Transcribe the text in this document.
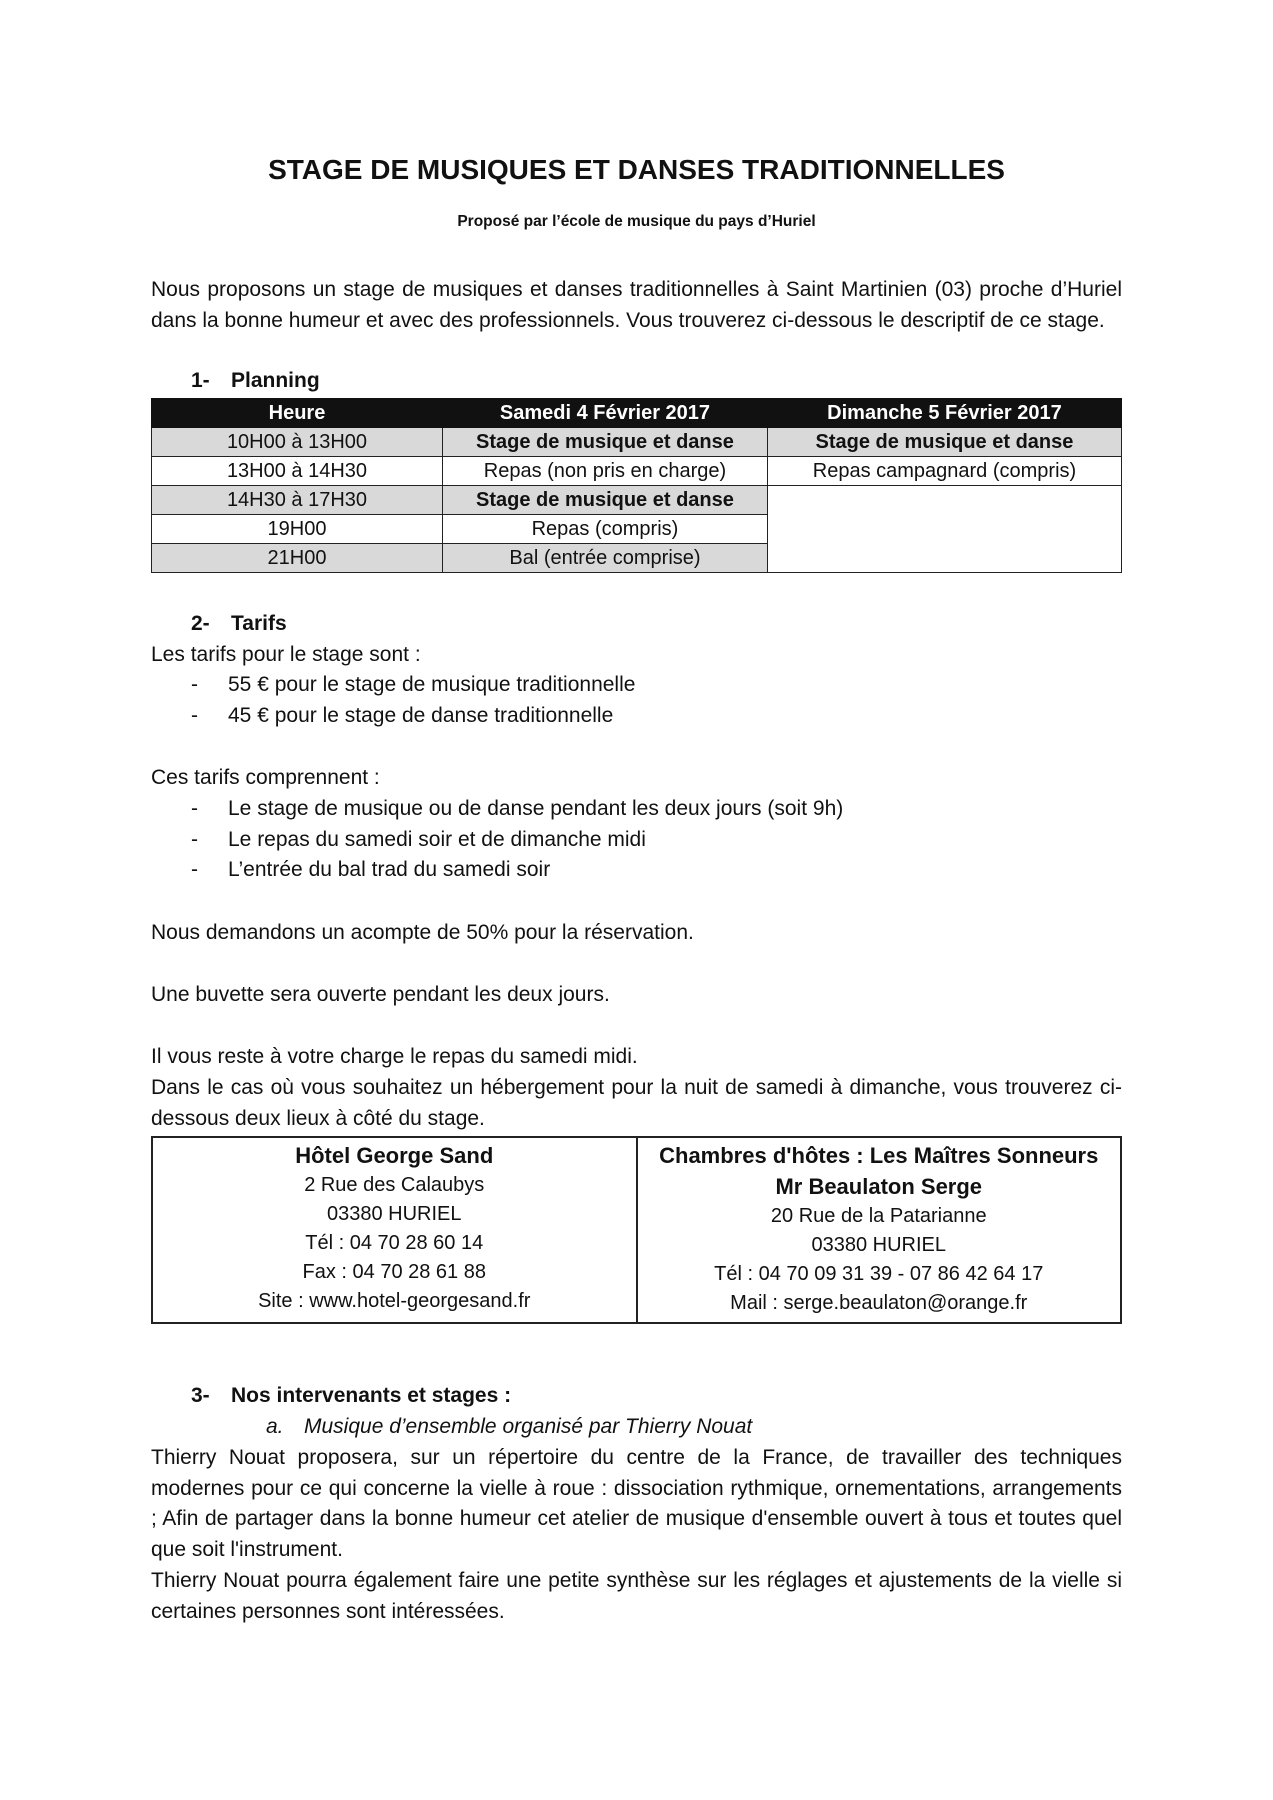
STAGE DE MUSIQUES ET DANSES TRADITIONNELLES
Proposé par l’école de musique du pays d’Huriel
Nous proposons un stage de musiques et danses traditionnelles à Saint Martinien (03) proche d’Huriel dans la bonne humeur et avec des professionnels. Vous trouverez ci-dessous le descriptif de ce stage.
1- Planning
Heure	Samedi 4 Février 2017	Dimanche 5 Février 2017
10H00 à 13H00	Stage de musique et danse	Stage de musique et danse
13H00 à 14H30	Repas (non pris en charge)	Repas campagnard (compris)
14H30 à 17H30	Stage de musique et danse	
19H00	Repas (compris)	
21H00	Bal (entrée comprise)	
2- Tarifs
Les tarifs pour le stage sont :
- 55 € pour le stage de musique traditionnelle
- 45 € pour le stage de danse traditionnelle
Ces tarifs comprennent :
- Le stage de musique ou de danse pendant les deux jours (soit 9h)
- Le repas du samedi soir et de dimanche midi
- L’entrée du bal trad du samedi soir
Nous demandons un acompte de 50% pour la réservation.
Une buvette sera ouverte pendant les deux jours.
Il vous reste à votre charge le repas du samedi midi.
Dans le cas où vous souhaitez un hébergement pour la nuit de samedi à dimanche, vous trouverez ci-dessous deux lieux à côté du stage.
Hôtel George Sand
2 Rue des Calaubys
03380 HURIEL
Tél : 04 70 28 60 14
Fax : 04 70 28 61 88
Site : www.hotel-georgesand.fr

Chambres d'hôtes : Les Maîtres Sonneurs
Mr Beaulaton Serge
20 Rue de la Patarianne
03380 HURIEL
Tél : 04 70 09 31 39 - 07 86 42 64 17
Mail : serge.beaulaton@orange.fr
3- Nos intervenants et stages :
a. Musique d’ensemble organisé par Thierry Nouat
Thierry Nouat proposera, sur un répertoire du centre de la France, de travailler des techniques modernes pour ce qui concerne la vielle à roue : dissociation rythmique, ornementations, arrangements ; Afin de partager dans la bonne humeur cet atelier de musique d'ensemble ouvert à tous et toutes quel que soit l'instrument.
Thierry Nouat pourra également faire une petite synthèse sur les réglages et ajustements de la vielle si certaines personnes sont intéressées.
